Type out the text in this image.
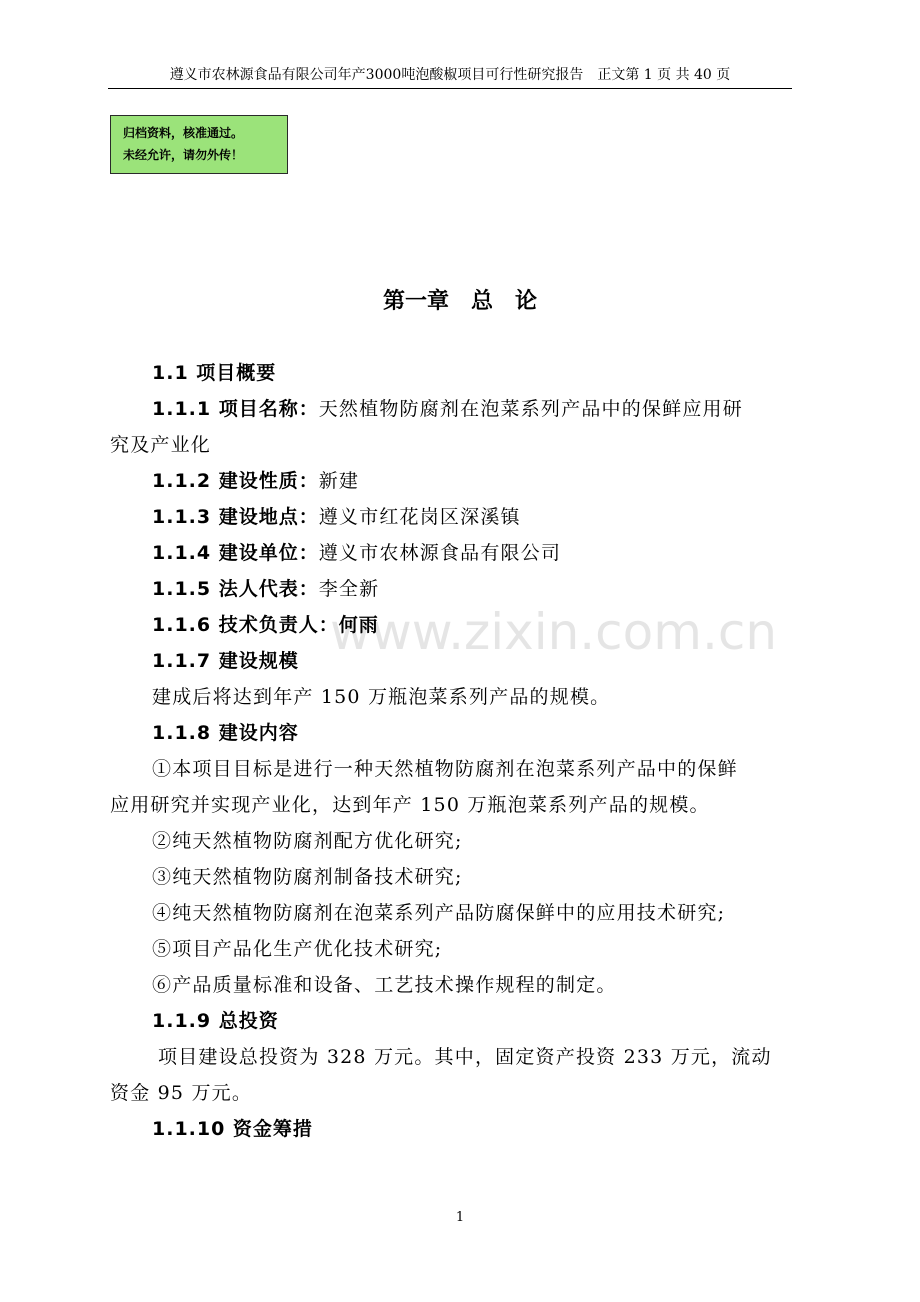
遵义市农林源食品有限公司年产3000吨泡酸椒项目可行性研究报告　正文第 1 页 共 40 页
归档资料，核准通过。
未经允许，请勿外传！
第一章　总　论
1.1 项目概要
1.1.1 项目名称：天然植物防腐剂在泡菜系列产品中的保鲜应用研
究及产业化
1.1.2 建设性质：新建
1.1.3 建设地点：遵义市红花岗区深溪镇
1.1.4 建设单位：遵义市农林源食品有限公司
1.1.5 法人代表：李全新
www.zixin.com.cn
1.1.6 技术负责人：何雨
1.1.7 建设规模
建成后将达到年产 150 万瓶泡菜系列产品的规模。
1.1.8 建设内容
①本项目目标是进行一种天然植物防腐剂在泡菜系列产品中的保鲜
应用研究并实现产业化，达到年产 150 万瓶泡菜系列产品的规模。
②纯天然植物防腐剂配方优化研究;
③纯天然植物防腐剂制备技术研究;
④纯天然植物防腐剂在泡菜系列产品防腐保鲜中的应用技术研究;
⑤项目产品化生产优化技术研究;
⑥产品质量标准和设备、工艺技术操作规程的制定。
1.1.9 总投资
项目建设总投资为 328 万元。其中，固定资产投资 233 万元，流动
资金 95 万元。
1.1.10 资金筹措
1
